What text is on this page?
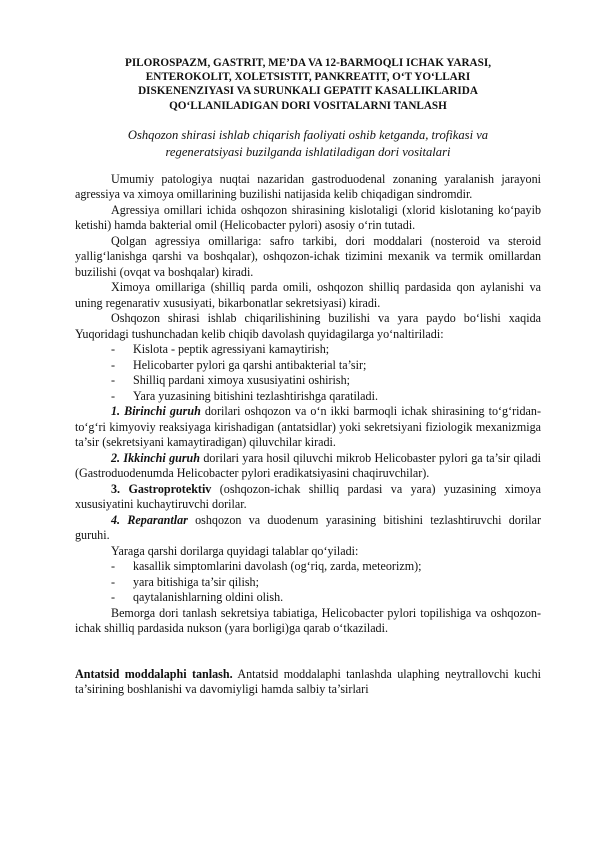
PILOROSPAZM, GASTRIT, ME’DA VA 12-BARMOQLI ICHAK YARASI,
ENTEROKOLIT, XOLETSISTIT, PANKREATIT, O‘T YO‘LLARI
DISKENENZIYASI VA SURUNKALI GEPATIT KASALLIKLARIDA
QO‘LLANILADIGAN DORI VOSITALARNI TANLASH
Oshqozon shirasi ishlab chiqarish faoliyati oshib ketganda, trofikasi va
regeneratsiyasi buzilganda ishlatiladigan dori vositalari

Umumiy patologiya nuqtai nazaridan gastroduodenal zonaning yaralanish jarayoni agressiya va ximoya omillarining buzilishi natijasida kelib chiqadigan sindromdir.

Agressiya omillari ichida oshqozon shirasining kislotaligi (xlorid kislotaning ko‘payib ketishi) hamda bakterial omil (Helicobacter pylori) asosiy o‘rin tutadi.

Qolgan agressiya omillariga: safro tarkibi, dori moddalari (nosteroid va steroid yallig‘lanishga qarshi va boshqalar), oshqozon-ichak tizimini mexanik va termik omillardan buzilishi (ovqat va boshqalar) kiradi.

Ximoya omillariga (shilliq parda omili, oshqozon shilliq pardasida qon aylanishi va uning regenarativ xususiyati, bikarbonatlar sekretsiyasi) kiradi.

Oshqozon shirasi ishlab chiqarilishining buzilishi va yara paydo bo‘lishi xaqida Yuqoridagi tushunchadan kelib chiqib davolash quyidagilarga yo‘naltiriladi:

- Kislota - peptik agressiyani kamaytirish;
- Helicobarter pylori ga qarshi antibakterial ta’sir;
- Shilliq pardani ximoya xususiyatini oshirish;
- Yara yuzasining bitishini tezlashtirishga qaratiladi.

1. Birinchi guruh dorilari oshqozon va o‘n ikki barmoqli ichak shirasining to‘g‘ridan-to‘g‘ri kimyoviy reaksiyaga kirishadigan (antatsidlar) yoki sekretsiyani fiziologik mexanizmiga ta’sir (sekretsiyani kamaytiradigan) qiluvchilar kiradi.

2. Ikkinchi guruh dorilari yara hosil qiluvchi mikrob Helicobaster pylori ga ta’sir qiladi (Gastroduodenumda Helicobacter pylori eradikatsiyasini chaqiruvchilar).

3. Gastroprotektiv (oshqozon-ichak shilliq pardasi va yara) yuzasining ximoya xususiyatini kuchaytiruvchi dorilar.

4. Reparantlar oshqozon va duodenum yarasining bitishini tezlashtiruvchi dorilar guruhi.

Yaraga qarshi dorilarga quyidagi talablar qo‘yiladi:

- kasallik simptomlarini davolash (og‘riq, zarda, meteorizm);
- yara bitishiga ta’sir qilish;
- qaytalanishlarning oldini olish.

Bemorga dori tanlash sekretsiya tabiatiga, Helicobacter pylori topilishiga va oshqozon-ichak shilliq pardasida nukson (yara borligi)ga qarab o‘tkaziladi.

Antatsid moddalaphi tanlash. Antatsid moddalaphi tanlashda ulaphing neytrallovchi kuchi ta’sirining boshlanishi va davomiyligi hamda salbiy ta’sirlari
